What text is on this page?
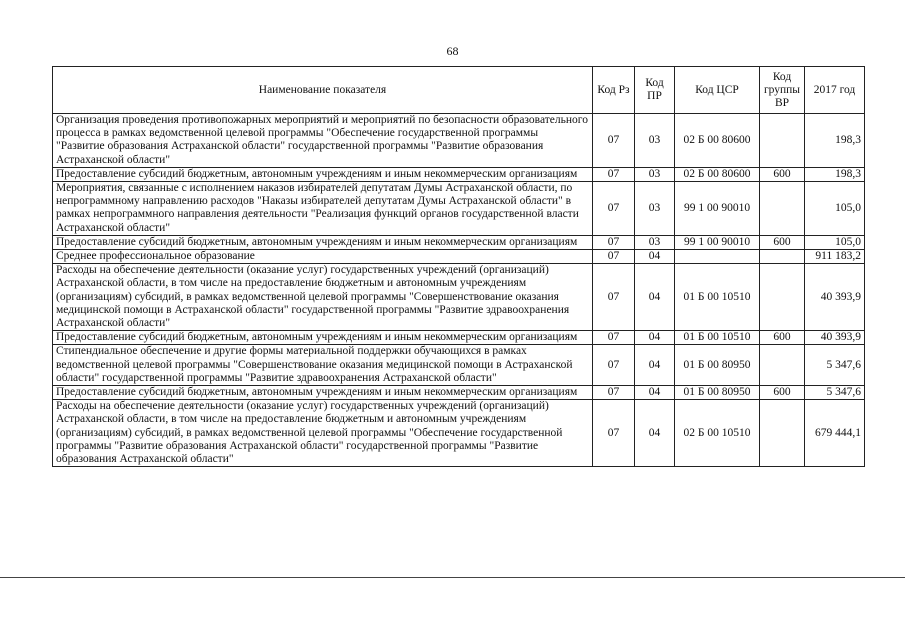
68
Наименование показателя	Код Рз	Код ПР	Код ЦСР	Код группы ВР	2017 год
Организация проведения противопожарных мероприятий и мероприятий по безопасности образовательного процесса в рамках ведомственной целевой программы "Обеспечение государственной программы "Развитие образования Астраханской области" государственной программы "Развитие образования Астраханской области"	07	03	02 Б 00 80600		198,3
Предоставление субсидий бюджетным, автономным учреждениям и иным некоммерческим организациям	07	03	02 Б 00 80600	600	198,3
Мероприятия, связанные с исполнением наказов избирателей депутатам Думы Астраханской области, по непрограммному направлению расходов "Наказы избирателей депутатам Думы Астраханской области" в рамках непрограммного направления деятельности "Реализация функций органов государственной власти Астраханской области"	07	03	99 1 00 90010		105,0
Предоставление субсидий бюджетным, автономным учреждениям и иным некоммерческим организациям	07	03	99 1 00 90010	600	105,0
Среднее профессиональное образование	07	04			911 183,2
Расходы на обеспечение деятельности (оказание услуг) государственных учреждений (организаций) Астраханской области, в том числе на предоставление бюджетным и автономным учреждениям (организациям) субсидий, в рамках ведомственной целевой программы "Совершенствование оказания медицинской помощи в Астраханской области" государственной программы "Развитие здравоохранения Астраханской области"	07	04	01 Б 00 10510		40 393,9
Предоставление субсидий бюджетным, автономным учреждениям и иным некоммерческим организациям	07	04	01 Б 00 10510	600	40 393,9
Стипендиальное обеспечение и другие формы материальной поддержки обучающихся в рамках ведомственной целевой программы "Совершенствование оказания медицинской помощи в Астраханской области" государственной программы "Развитие здравоохранения Астраханской области"	07	04	01 Б 00 80950		5 347,6
Предоставление субсидий бюджетным, автономным учреждениям и иным некоммерческим организациям	07	04	01 Б 00 80950	600	5 347,6
Расходы на обеспечение деятельности (оказание услуг) государственных учреждений (организаций) Астраханской области, в том числе на предоставление бюджетным и автономным учреждениям (организациям) субсидий, в рамках ведомственной целевой программы "Обеспечение государственной программы "Развитие образования Астраханской области" государственной программы "Развитие образования Астраханской области"	07	04	02 Б 00 10510		679 444,1
